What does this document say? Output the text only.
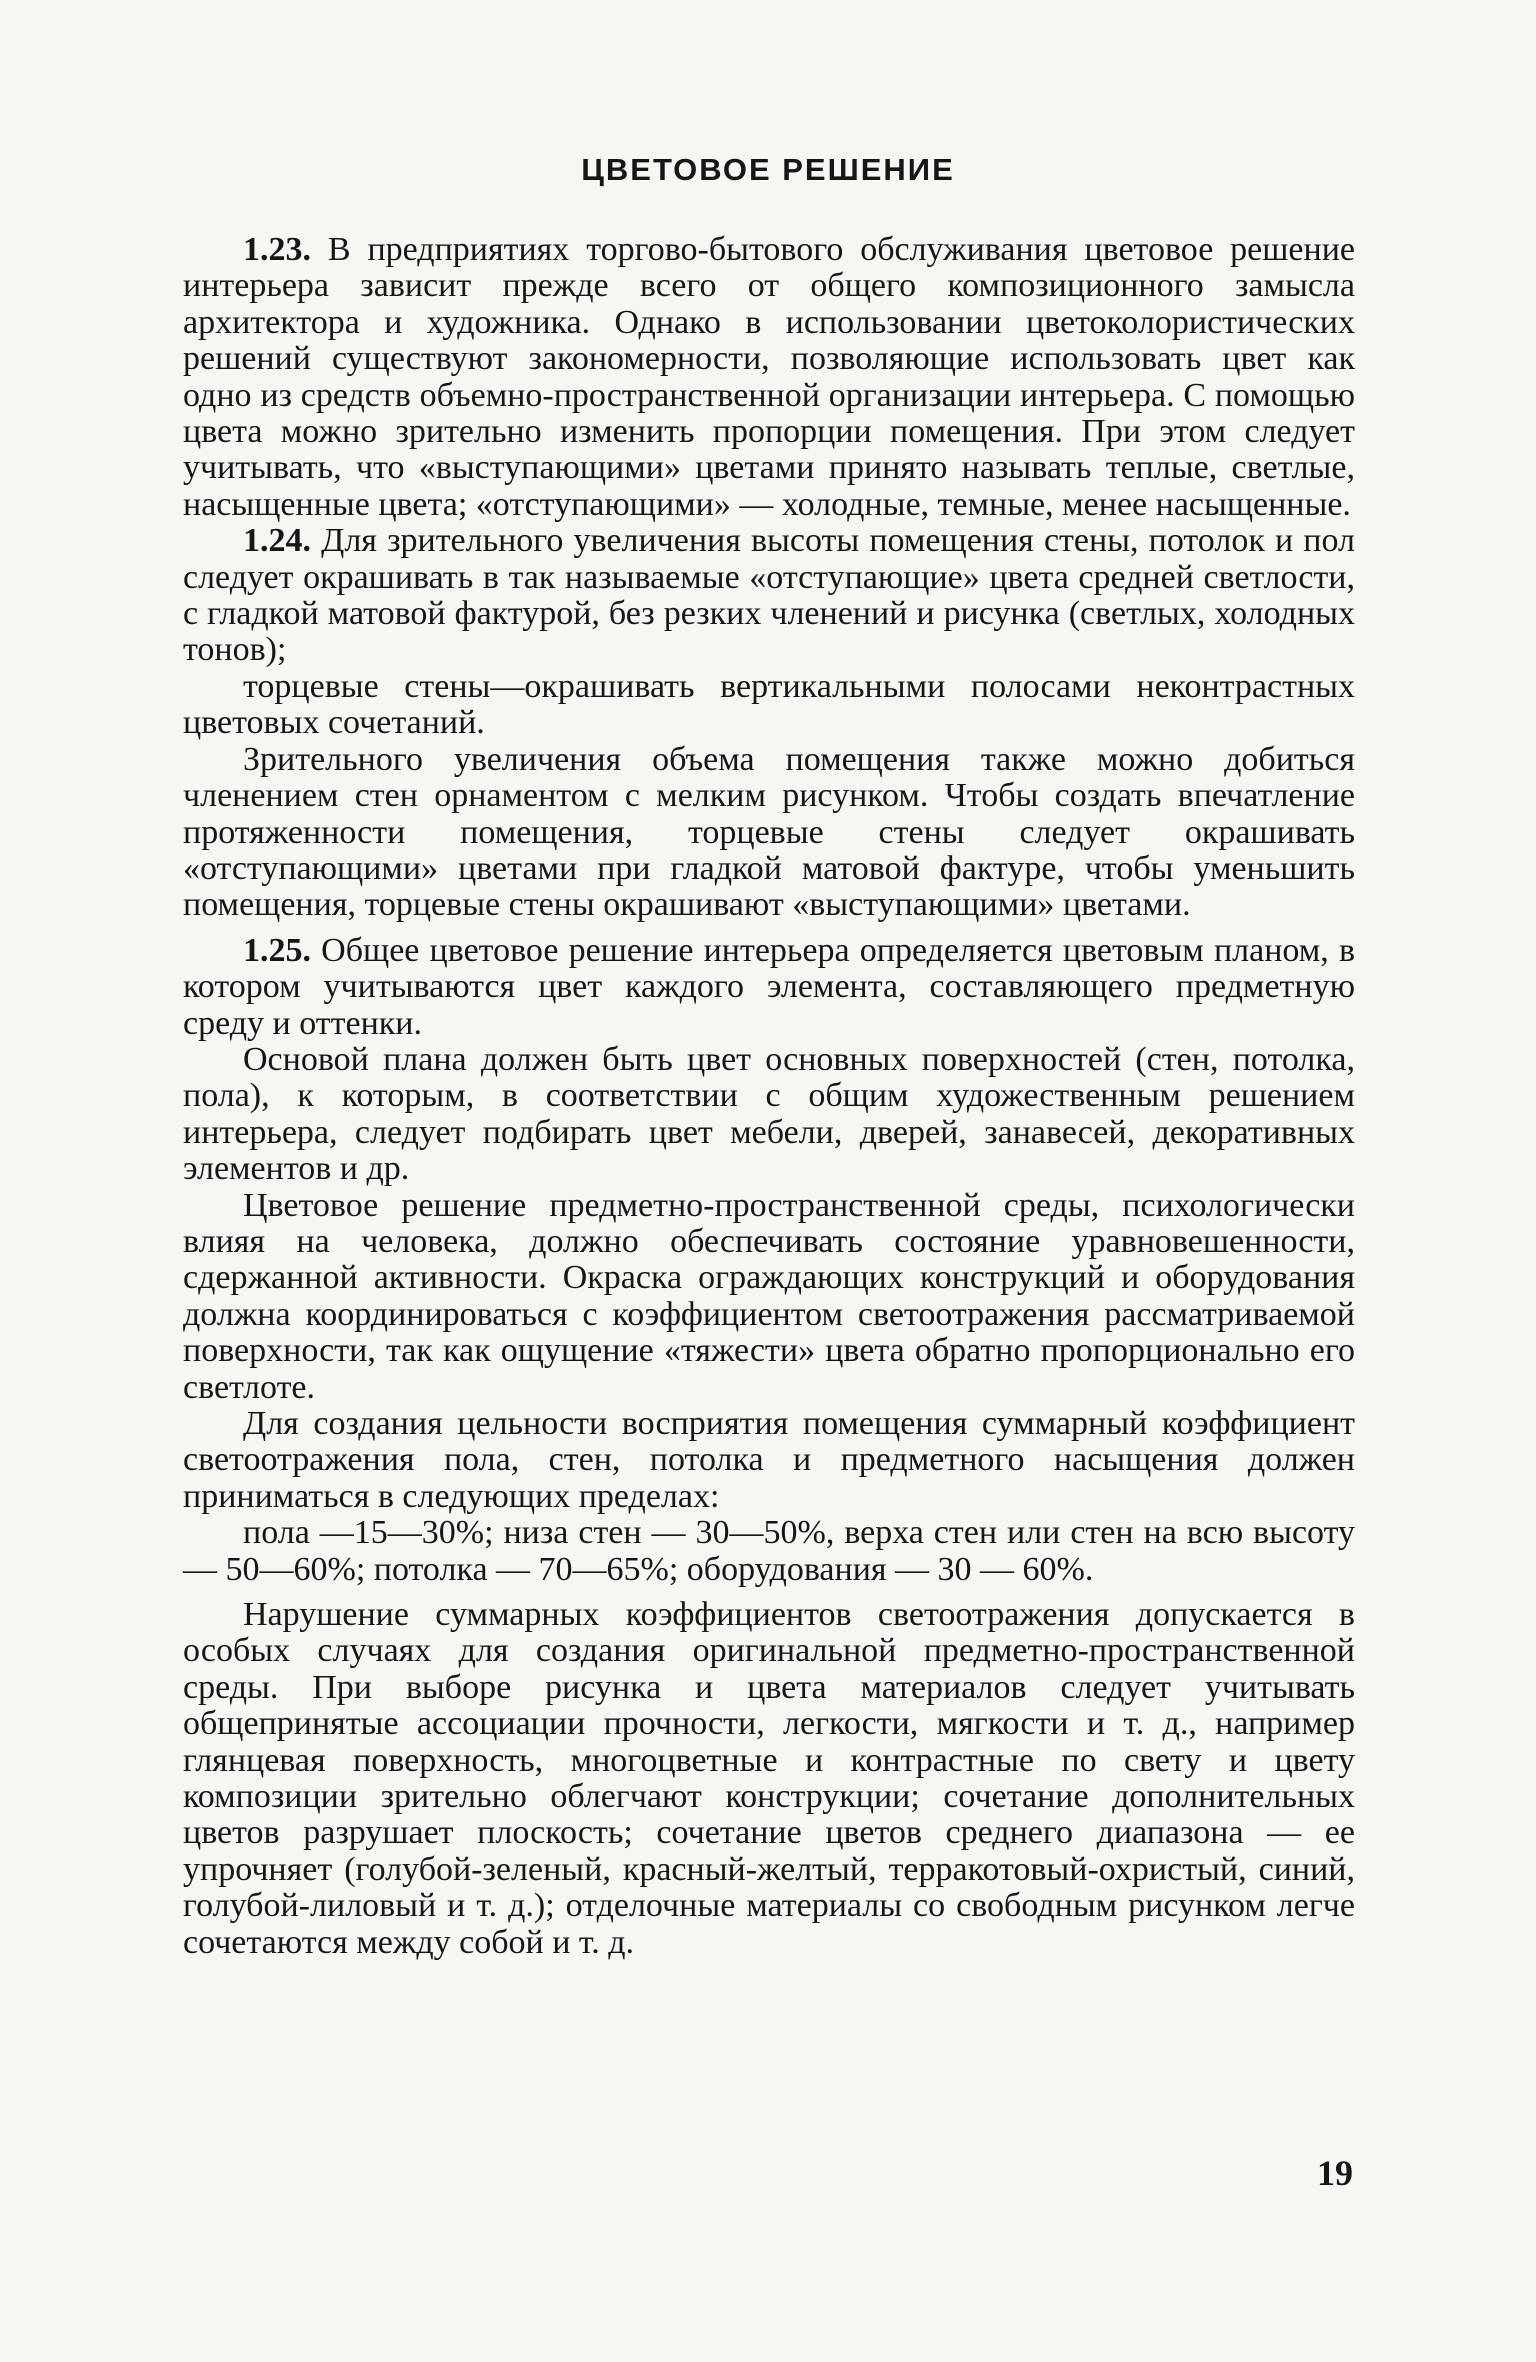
ЦВЕТОВОЕ РЕШЕНИЕ

1.23. В предприятиях торгово-бытового обслуживания цветовое решение интерьера зависит прежде всего от общего композиционного замысла архитектора и художника. Однако в использовании цветоколористических решений существуют закономерности, позволяющие использовать цвет как одно из средств объемно-пространственной организации интерьера. С помощью цвета можно зрительно изменить пропорции помещения. При этом следует учитывать, что «выступающими» цветами принято называть теплые, светлые, насыщенные цвета; «отступающими» — холодные, темные, менее насыщенные.

1.24. Для зрительного увеличения высоты помещения стены, потолок и пол следует окрашивать в так называемые «отступающие» цвета средней светлости, с гладкой матовой фактурой, без резких членений и рисунка (светлых, холодных тонов);

торцевые стены—окрашивать вертикальными полосами неконтрастных цветовых сочетаний.

Зрительного увеличения объема помещения также можно добиться членением стен орнаментом с мелким рисунком. Чтобы создать впечатление протяженности помещения, торцевые стены следует окрашивать «отступающими» цветами при гладкой матовой фактуре, чтобы уменьшить помещения, торцевые стены окрашивают «выступающими» цветами.

1.25. Общее цветовое решение интерьера определяется цветовым планом, в котором учитываются цвет каждого элемента, составляющего предметную среду и оттенки.

Основой плана должен быть цвет основных поверхностей (стен, потолка, пола), к которым, в соответствии с общим художественным решением интерьера, следует подбирать цвет мебели, дверей, занавесей, декоративных элементов и др.

Цветовое решение предметно-пространственной среды, психологически влияя на человека, должно обеспечивать состояние уравновешенности, сдержанной активности. Окраска ограждающих конструкций и оборудования должна координироваться с коэффициентом светоотражения рассматриваемой поверхности, так как ощущение «тяжести» цвета обратно пропорционально его светлоте.

Для создания цельности восприятия помещения суммарный коэффициент светоотражения пола, стен, потолка и предметного насыщения должен приниматься в следующих пределах:

пола —15—30%; низа стен — 30—50%, верха стен или стен на всю высоту — 50—60%; потолка — 70—65%; оборудования — 30 — 60%.

Нарушение суммарных коэффициентов светоотражения допускается в особых случаях для создания оригинальной предметно-пространственной среды. При выборе рисунка и цвета материалов следует учитывать общепринятые ассоциации прочности, легкости, мягкости и т. д., например глянцевая поверхность, многоцветные и контрастные по свету и цвету композиции зрительно облегчают конструкции; сочетание дополнительных цветов разрушает плоскость; сочетание цветов среднего диапазона — ее упрочняет (голубой-зеленый, красный-желтый, терракотовый-охристый, синий, голубой-лиловый и т. д.); отделочные материалы со свободным рисунком легче сочетаются между собой и т. д.

19
